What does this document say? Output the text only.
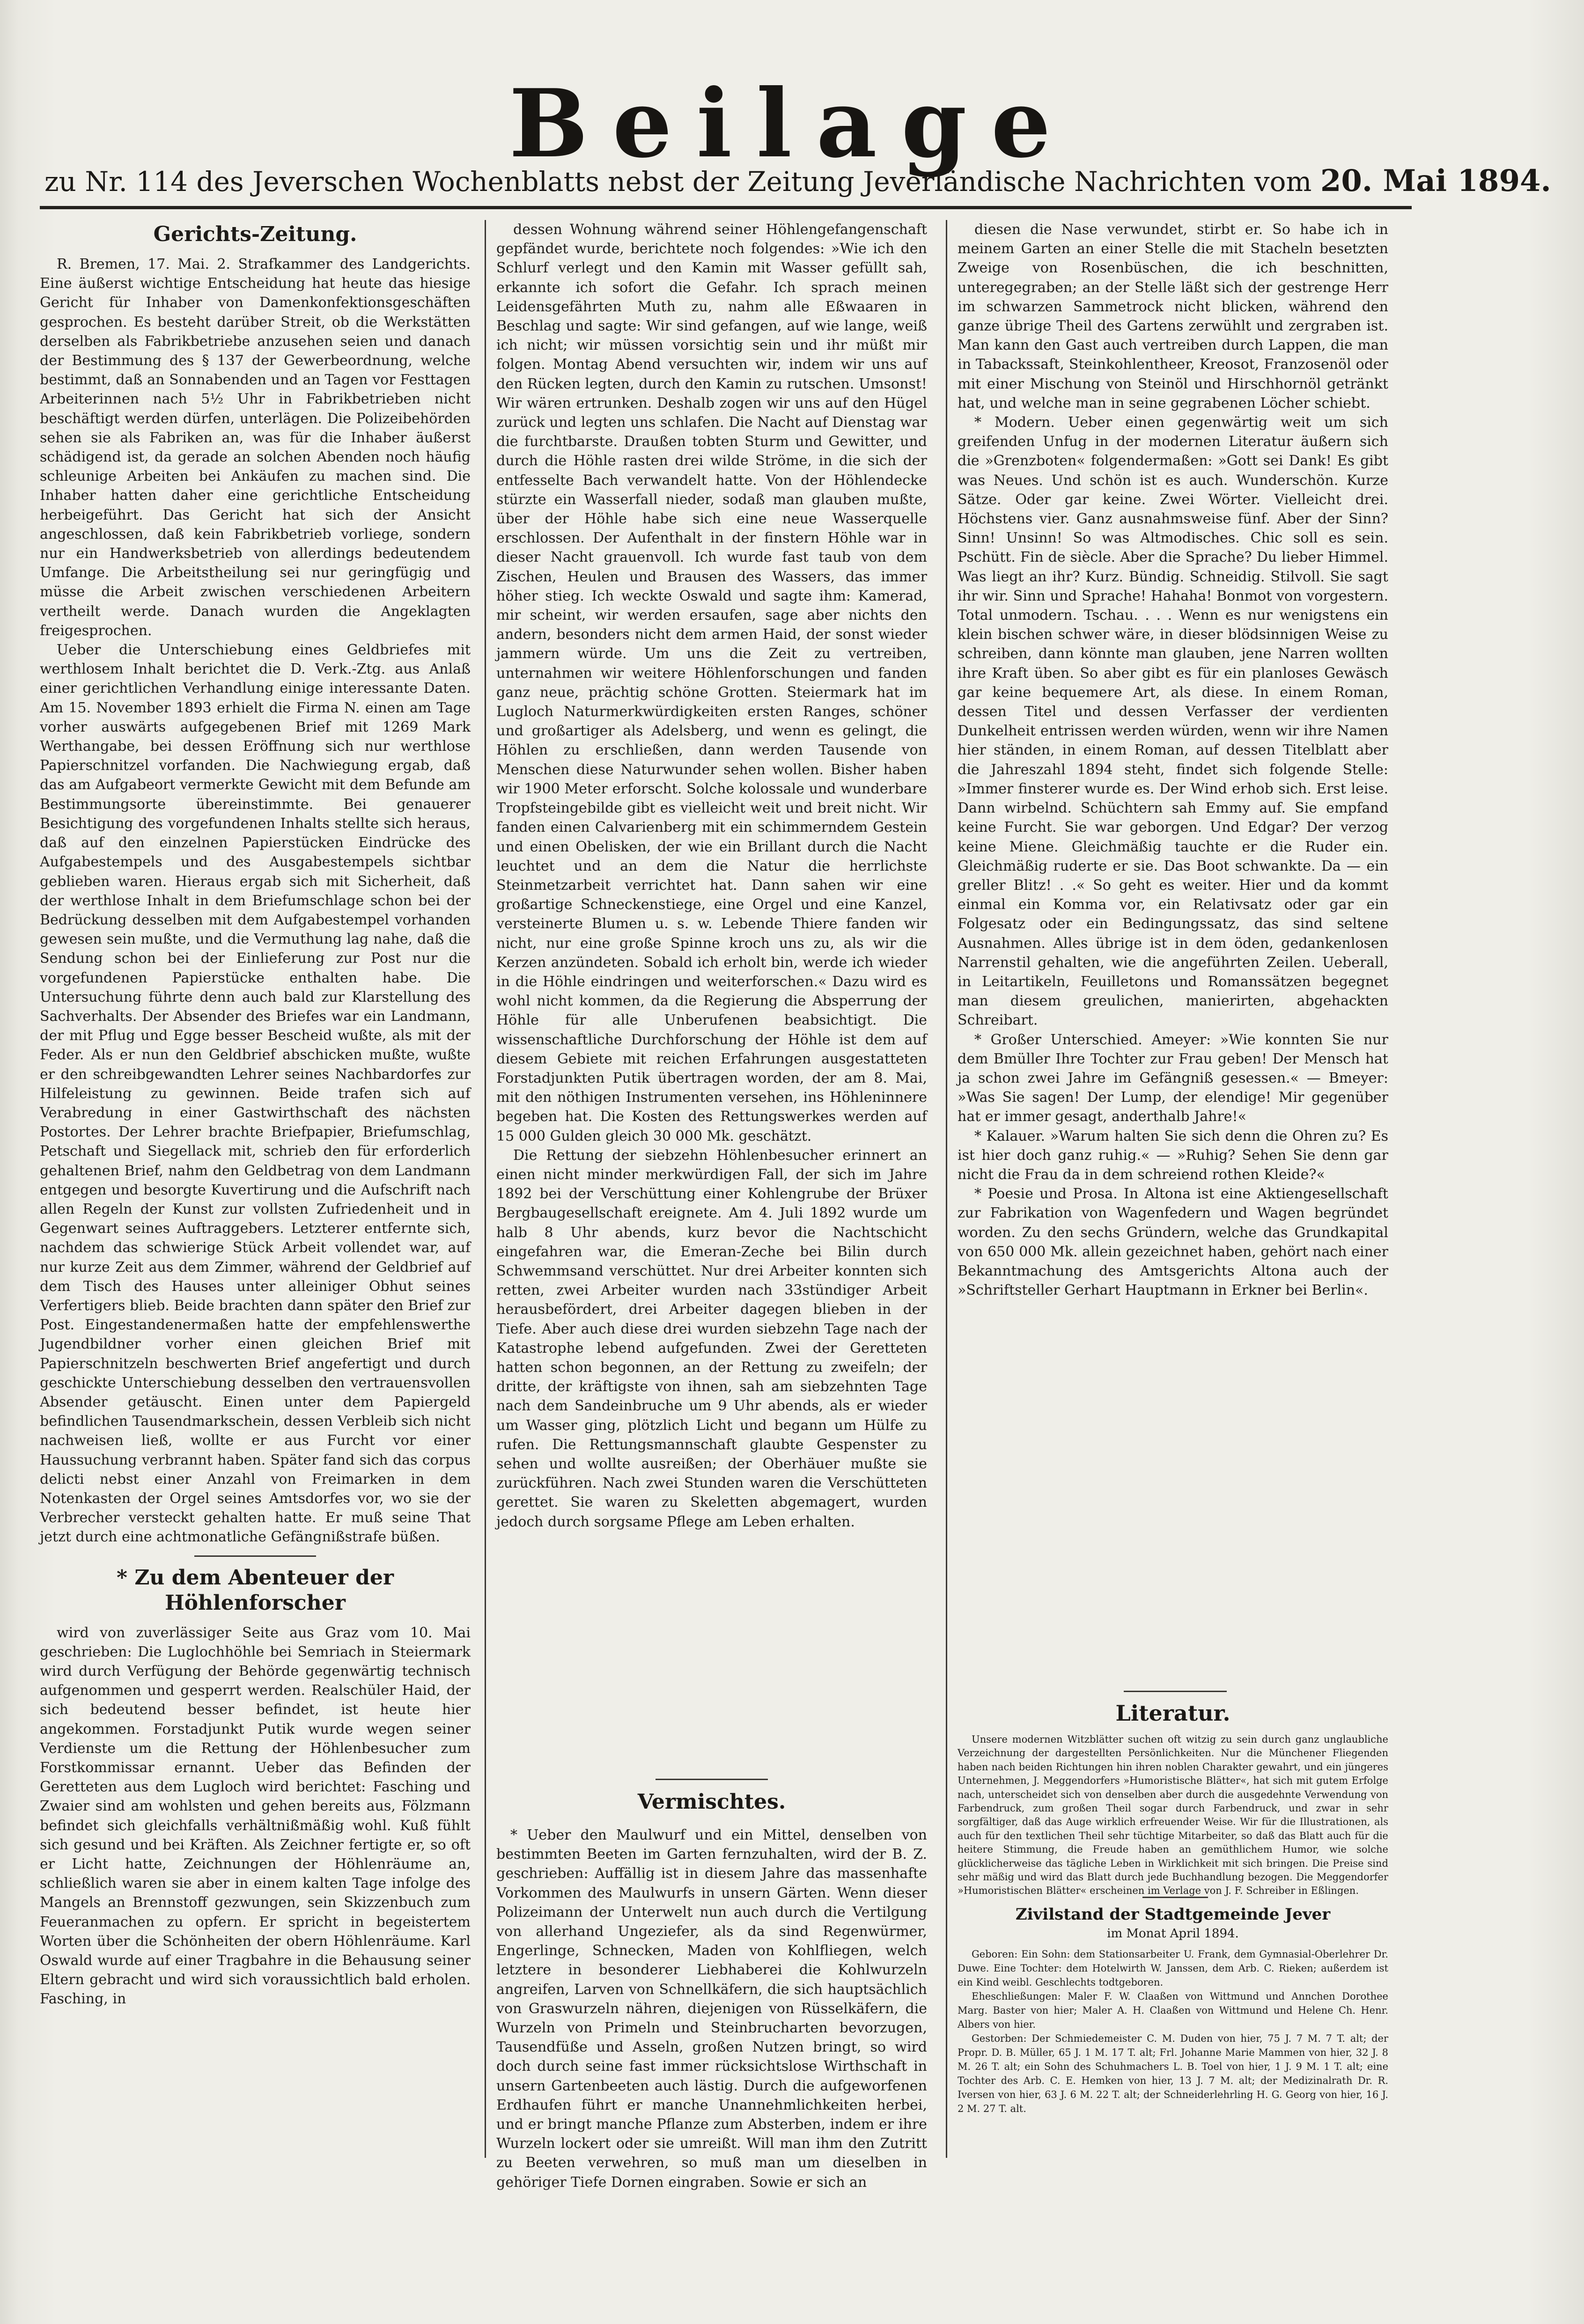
Beilage
zu Nr. 114 des Jeverschen Wochenblatts nebst der Zeitung Jeverländische Nachrichten vom 20. Mai 1894.
Gerichts-Zeitung.

R. Bremen, 17. Mai. 2. Strafkammer des Landgerichts. Eine äußerst wichtige Entscheidung hat heute das hiesige Gericht für Inhaber von Damenkonfektionsgeschäften gesprochen. Es besteht darüber Streit, ob die Werkstätten derselben als Fabrikbetriebe anzusehen seien und danach der Bestimmung des § 137 der Gewerbeordnung, welche bestimmt, daß an Sonnabenden und an Tagen vor Festtagen Arbeiterinnen nach 5½ Uhr in Fabrikbetrieben nicht beschäftigt werden dürfen, unterlägen. Die Polizeibehörden sehen sie als Fabriken an, was für die Inhaber äußerst schädigend ist, da gerade an solchen Abenden noch häufig schleunige Arbeiten bei Ankäufen zu machen sind. Die Inhaber hatten daher eine gerichtliche Entscheidung herbeigeführt. Das Gericht hat sich der Ansicht angeschlossen, daß kein Fabrikbetrieb vorliege, sondern nur ein Handwerksbetrieb von allerdings bedeutendem Umfange. Die Arbeitstheilung sei nur geringfügig und müsse die Arbeit zwischen verschiedenen Arbeitern vertheilt werde. Danach wurden die Angeklagten freigesprochen.

Ueber die Unterschiebung eines Geldbriefes mit werthlosem Inhalt berichtet die D. Verk.-Ztg. aus Anlaß einer gerichtlichen Verhandlung einige interessante Daten. Am 15. November 1893 erhielt die Firma N. einen am Tage vorher auswärts aufgegebenen Brief mit 1269 Mark Werthangabe, bei dessen Eröffnung sich nur werthlose Papierschnitzel vorfanden. Die Nachwiegung ergab, daß das am Aufgabeort vermerkte Gewicht mit dem Befunde am Bestimmungsorte übereinstimmte. Bei genauerer Besichtigung des vorgefundenen Inhalts stellte sich heraus, daß auf den einzelnen Papierstücken Eindrücke des Aufgabestempels und des Ausgabestempels sichtbar geblieben waren. Hieraus ergab sich mit Sicherheit, daß der werthlose Inhalt in dem Briefumschlage schon bei der Bedrückung desselben mit dem Aufgabestempel vorhanden gewesen sein mußte, und die Vermuthung lag nahe, daß die Sendung schon bei der Einlieferung zur Post nur die vorgefundenen Papierstücke enthalten habe. Die Untersuchung führte denn auch bald zur Klarstellung des Sachverhalts. Der Absender des Briefes war ein Landmann, der mit Pflug und Egge besser Bescheid wußte, als mit der Feder. Als er nun den Geldbrief abschicken mußte, wußte er den schreibgewandten Lehrer seines Nachbardorfes zur Hilfeleistung zu gewinnen. Beide trafen sich auf Verabredung in einer Gastwirthschaft des nächsten Postortes. Der Lehrer brachte Briefpapier, Briefumschlag, Petschaft und Siegellack mit, schrieb den für erforderlich gehaltenen Brief, nahm den Geldbetrag von dem Landmann entgegen und besorgte Kuvertirung und die Aufschrift nach allen Regeln der Kunst zur vollsten Zufriedenheit und in Gegenwart seines Auftraggebers. Letzterer entfernte sich, nachdem das schwierige Stück Arbeit vollendet war, auf nur kurze Zeit aus dem Zimmer, während der Geldbrief auf dem Tisch des Hauses unter alleiniger Obhut seines Verfertigers blieb. Beide brachten dann später den Brief zur Post. Eingestandenermaßen hatte der empfehlenswerthe Jugendbildner vorher einen gleichen Brief mit Papierschnitzeln beschwerten Brief angefertigt und durch geschickte Unterschiebung desselben den vertrauensvollen Absender getäuscht. Einen unter dem Papiergeld befindlichen Tausendmarkschein, dessen Verbleib sich nicht nachweisen ließ, wollte er aus Furcht vor einer Haussuchung verbrannt haben. Später fand sich das corpus delicti nebst einer Anzahl von Freimarken in dem Notenkasten der Orgel seines Amtsdorfes vor, wo sie der Verbrecher versteckt gehalten hatte. Er muß seine That jetzt durch eine achtmonatliche Gefängnißstrafe büßen.

* Zu dem Abenteuer der Höhlenforscher

wird von zuverlässiger Seite aus Graz vom 10. Mai geschrieben: Die Luglochhöhle bei Semriach in Steiermark wird durch Verfügung der Behörde gegenwärtig technisch aufgenommen und gesperrt werden. Realschüler Haid, der sich bedeutend besser befindet, ist heute hier angekommen. Forstadjunkt Putik wurde wegen seiner Verdienste um die Rettung der Höhlenbesucher zum Forstkommissar ernannt. Ueber das Befinden der Geretteten aus dem Lugloch wird berichtet: Fasching und Zwaier sind am wohlsten und gehen bereits aus, Fölzmann befindet sich gleichfalls verhältnißmäßig wohl. Kuß fühlt sich gesund und bei Kräften. Als Zeichner fertigte er, so oft er Licht hatte, Zeichnungen der Höhlenräume an, schließlich waren sie aber in einem kalten Tage infolge des Mangels an Brennstoff gezwungen, sein Skizzenbuch zum Feueranmachen zu opfern. Er spricht in begeistertem Worten über die Schönheiten der obern Höhlenräume. Karl Oswald wurde auf einer Tragbahre in die Behausung seiner Eltern gebracht und wird sich voraussichtlich bald erholen. Fasching, in

dessen Wohnung während seiner Höhlengefangenschaft gepfändet wurde, berichtete noch folgendes: »Wie ich den Schlurf verlegt und den Kamin mit Wasser gefüllt sah, erkannte ich sofort die Gefahr. Ich sprach meinen Leidensgefährten Muth zu, nahm alle Eßwaaren in Beschlag und sagte: Wir sind gefangen, auf wie lange, weiß ich nicht; wir müssen vorsichtig sein und ihr müßt mir folgen. Montag Abend versuchten wir, indem wir uns auf den Rücken legten, durch den Kamin zu rutschen. Umsonst! Wir wären ertrunken. Deshalb zogen wir uns auf den Hügel zurück und legten uns schlafen. Die Nacht auf Dienstag war die furchtbarste. Draußen tobten Sturm und Gewitter, und durch die Höhle rasten drei wilde Ströme, in die sich der entfesselte Bach verwandelt hatte. Von der Höhlendecke stürzte ein Wasserfall nieder, sodaß man glauben mußte, über der Höhle habe sich eine neue Wasserquelle erschlossen. Der Aufenthalt in der finstern Höhle war in dieser Nacht grauenvoll. Ich wurde fast taub von dem Zischen, Heulen und Brausen des Wassers, das immer höher stieg. Ich weckte Oswald und sagte ihm: Kamerad, mir scheint, wir werden ersaufen, sage aber nichts den andern, besonders nicht dem armen Haid, der sonst wieder jammern würde. Um uns die Zeit zu vertreiben, unternahmen wir weitere Höhlenforschungen und fanden ganz neue, prächtig schöne Grotten. Steiermark hat im Lugloch Naturmerkwürdigkeiten ersten Ranges, schöner und großartiger als Adelsberg, und wenn es gelingt, die Höhlen zu erschließen, dann werden Tausende von Menschen diese Naturwunder sehen wollen. Bisher haben wir 1900 Meter erforscht. Solche kolossale und wunderbare Tropfsteingebilde gibt es vielleicht weit und breit nicht. Wir fanden einen Calvarienberg mit ein schimmerndem Gestein und einen Obelisken, der wie ein Brillant durch die Nacht leuchtet und an dem die Natur die herrlichste Steinmetzarbeit verrichtet hat. Dann sahen wir eine großartige Schneckenstiege, eine Orgel und eine Kanzel, versteinerte Blumen u. s. w. Lebende Thiere fanden wir nicht, nur eine große Spinne kroch uns zu, als wir die Kerzen anzündeten. Sobald ich erholt bin, werde ich wieder in die Höhle eindringen und weiterforschen.« Dazu wird es wohl nicht kommen, da die Regierung die Absperrung der Höhle für alle Unberufenen beabsichtigt. Die wissenschaftliche Durchforschung der Höhle ist dem auf diesem Gebiete mit reichen Erfahrungen ausgestatteten Forstadjunkten Putik übertragen worden, der am 8. Mai, mit den nöthigen Instrumenten versehen, ins Höhleninnere begeben hat. Die Kosten des Rettungswerkes werden auf 15 000 Gulden gleich 30 000 Mk. geschätzt.

Die Rettung der siebzehn Höhlenbesucher erinnert an einen nicht minder merkwürdigen Fall, der sich im Jahre 1892 bei der Verschüttung einer Kohlengrube der Brüxer Bergbaugesellschaft ereignete. Am 4. Juli 1892 wurde um halb 8 Uhr abends, kurz bevor die Nachtschicht eingefahren war, die Emeran-Zeche bei Bilin durch Schwemmsand verschüttet. Nur drei Arbeiter konnten sich retten, zwei Arbeiter wurden nach 33stündiger Arbeit herausbefördert, drei Arbeiter dagegen blieben in der Tiefe. Aber auch diese drei wurden siebzehn Tage nach der Katastrophe lebend aufgefunden. Zwei der Geretteten hatten schon begonnen, an der Rettung zu zweifeln; der dritte, der kräftigste von ihnen, sah am siebzehnten Tage nach dem Sandeinbruche um 9 Uhr abends, als er wieder um Wasser ging, plötzlich Licht und begann um Hülfe zu rufen. Die Rettungsmannschaft glaubte Gespenster zu sehen und wollte ausreißen; der Oberhäuer mußte sie zurückführen. Nach zwei Stunden waren die Verschütteten gerettet. Sie waren zu Skeletten abgemagert, wurden jedoch durch sorgsame Pflege am Leben erhalten.

Vermischtes.

* Ueber den Maulwurf und ein Mittel, denselben von bestimmten Beeten im Garten fernzuhalten, wird der B. Z. geschrieben: Auffällig ist in diesem Jahre das massenhafte Vorkommen des Maulwurfs in unsern Gärten. Wenn dieser Polizeimann der Unterwelt nun auch durch die Vertilgung von allerhand Ungeziefer, als da sind Regenwürmer, Engerlinge, Schnecken, Maden von Kohlfliegen, welch letztere in besonderer Liebhaberei die Kohlwurzeln angreifen, Larven von Schnellkäfern, die sich hauptsächlich von Graswurzeln nähren, diejenigen von Rüsselkäfern, die Wurzeln von Primeln und Steinbrucharten bevorzugen, Tausendfüße und Asseln, großen Nutzen bringt, so wird doch durch seine fast immer rücksichtslose Wirthschaft in unsern Gartenbeeten auch lästig. Durch die aufgeworfenen Erdhaufen führt er manche Unannehmlichkeiten herbei, und er bringt manche Pflanze zum Absterben, indem er ihre Wurzeln lockert oder sie umreißt. Will man ihm den Zutritt zu Beeten verwehren, so muß man um dieselben in gehöriger Tiefe Dornen eingraben. Sowie er sich an

diesen die Nase verwundet, stirbt er. So habe ich in meinem Garten an einer Stelle die mit Stacheln besetzten Zweige von Rosenbüschen, die ich beschnitten, unteregegraben; an der Stelle läßt sich der gestrenge Herr im schwarzen Sammetrock nicht blicken, während den ganze übrige Theil des Gartens zerwühlt und zergraben ist. Man kann den Gast auch vertreiben durch Lappen, die man in Tabackssaft, Steinkohlentheer, Kreosot, Franzosenöl oder mit einer Mischung von Steinöl und Hirschhornöl getränkt hat, und welche man in seine gegrabenen Löcher schiebt.

* Modern. Ueber einen gegenwärtig weit um sich greifenden Unfug in der modernen Literatur äußern sich die »Grenzboten« folgendermaßen: »Gott sei Dank! Es gibt was Neues. Und schön ist es auch. Wunderschön. Kurze Sätze. Oder gar keine. Zwei Wörter. Vielleicht drei. Höchstens vier. Ganz ausnahmsweise fünf. Aber der Sinn? Sinn! Unsinn! So was Altmodisches. Chic soll es sein. Pschütt. Fin de siècle. Aber die Sprache? Du lieber Himmel. Was liegt an ihr? Kurz. Bündig. Schneidig. Stilvoll. Sie sagt ihr wir. Sinn und Sprache! Hahaha! Bonmot von vorgestern. Total unmodern. Tschau. . . . Wenn es nur wenigstens ein klein bischen schwer wäre, in dieser blödsinnigen Weise zu schreiben, dann könnte man glauben, jene Narren wollten ihre Kraft üben. So aber gibt es für ein planloses Gewäsch gar keine bequemere Art, als diese. In einem Roman, dessen Titel und dessen Verfasser der verdienten Dunkelheit entrissen werden würden, wenn wir ihre Namen hier ständen, in einem Roman, auf dessen Titelblatt aber die Jahreszahl 1894 steht, findet sich folgende Stelle: »Immer finsterer wurde es. Der Wind erhob sich. Erst leise. Dann wirbelnd. Schüchtern sah Emmy auf. Sie empfand keine Furcht. Sie war geborgen. Und Edgar? Der verzog keine Miene. Gleichmäßig tauchte er die Ruder ein. Gleichmäßig ruderte er sie. Das Boot schwankte. Da — ein greller Blitz! . .« So geht es weiter. Hier und da kommt einmal ein Komma vor, ein Relativsatz oder gar ein Folgesatz oder ein Bedingungssatz, das sind seltene Ausnahmen. Alles übrige ist in dem öden, gedankenlosen Narrenstil gehalten, wie die angeführten Zeilen. Ueberall, in Leitartikeln, Feuilletons und Romanssätzen begegnet man diesem greulichen, manierirten, abgehackten Schreibart.

* Großer Unterschied. Ameyer: »Wie konnten Sie nur dem Bmüller Ihre Tochter zur Frau geben! Der Mensch hat ja schon zwei Jahre im Gefängniß gesessen.« — Bmeyer: »Was Sie sagen! Der Lump, der elendige! Mir gegenüber hat er immer gesagt, anderthalb Jahre!«

* Kalauer. »Warum halten Sie sich denn die Ohren zu? Es ist hier doch ganz ruhig.« — »Ruhig? Sehen Sie denn gar nicht die Frau da in dem schreiend rothen Kleide?«

* Poesie und Prosa. In Altona ist eine Aktiengesellschaft zur Fabrikation von Wagenfedern und Wagen begründet worden. Zu den sechs Gründern, welche das Grundkapital von 650 000 Mk. allein gezeichnet haben, gehört nach einer Bekanntmachung des Amtsgerichts Altona auch der »Schriftsteller Gerhart Hauptmann in Erkner bei Berlin«.

Literatur.

Unsere modernen Witzblätter suchen oft witzig zu sein durch ganz unglaubliche Verzeichnung der dargestellten Persönlichkeiten. Nur die Münchener Fliegenden haben nach beiden Richtungen hin ihren noblen Charakter gewahrt, und ein jüngeres Unternehmen, J. Meggendorfers »Humoristische Blätter«, hat sich mit gutem Erfolge nach, unterscheidet sich von denselben aber durch die ausgedehnte Verwendung von Farbendruck, zum großen Theil sogar durch Farbendruck, und zwar in sehr sorgfältiger, daß das Auge wirklich erfreuender Weise. Wir für die Illustrationen, als auch für den textlichen Theil sehr tüchtige Mitarbeiter, so daß das Blatt auch für die heitere Stimmung, die Freude haben an gemüthlichem Humor, wie solche glücklicherweise das tägliche Leben in Wirklichkeit mit sich bringen. Die Preise sind sehr mäßig und wird das Blatt durch jede Buchhandlung bezogen. Die Meggendorfer »Humoristischen Blätter« erscheinen im Verlage von J. F. Schreiber in Eßlingen.

Zivilstand der Stadtgemeinde Jever
im Monat April 1894.

Geboren: Ein Sohn: dem Stationsarbeiter U. Frank, dem Gymnasial-Oberlehrer Dr. Duwe. Eine Tochter: dem Hotelwirth W. Janssen, dem Arb. C. Rieken; außerdem ist ein Kind weibl. Geschlechts todtgeboren.

Eheschließungen: Maler F. W. Claaßen von Wittmund und Annchen Dorothee Marg. Baster von hier; Maler A. H. Claaßen von Wittmund und Helene Ch. Henr. Albers von hier.

Gestorben: Der Schmiedemeister C. M. Duden von hier, 75 J. 7 M. 7 T. alt; der Propr. D. B. Müller, 65 J. 1 M. 17 T. alt; Frl. Johanne Marie Mammen von hier, 32 J. 8 M. 26 T. alt; ein Sohn des Schuhmachers L. B. Toel von hier, 1 J. 9 M. 1 T. alt; eine Tochter des Arb. C. E. Hemken von hier, 13 J. 7 M. alt; der Medizinalrath Dr. R. Iversen von hier, 63 J. 6 M. 22 T. alt; der Schneiderlehrling H. G. Georg von hier, 16 J. 2 M. 27 T. alt.
